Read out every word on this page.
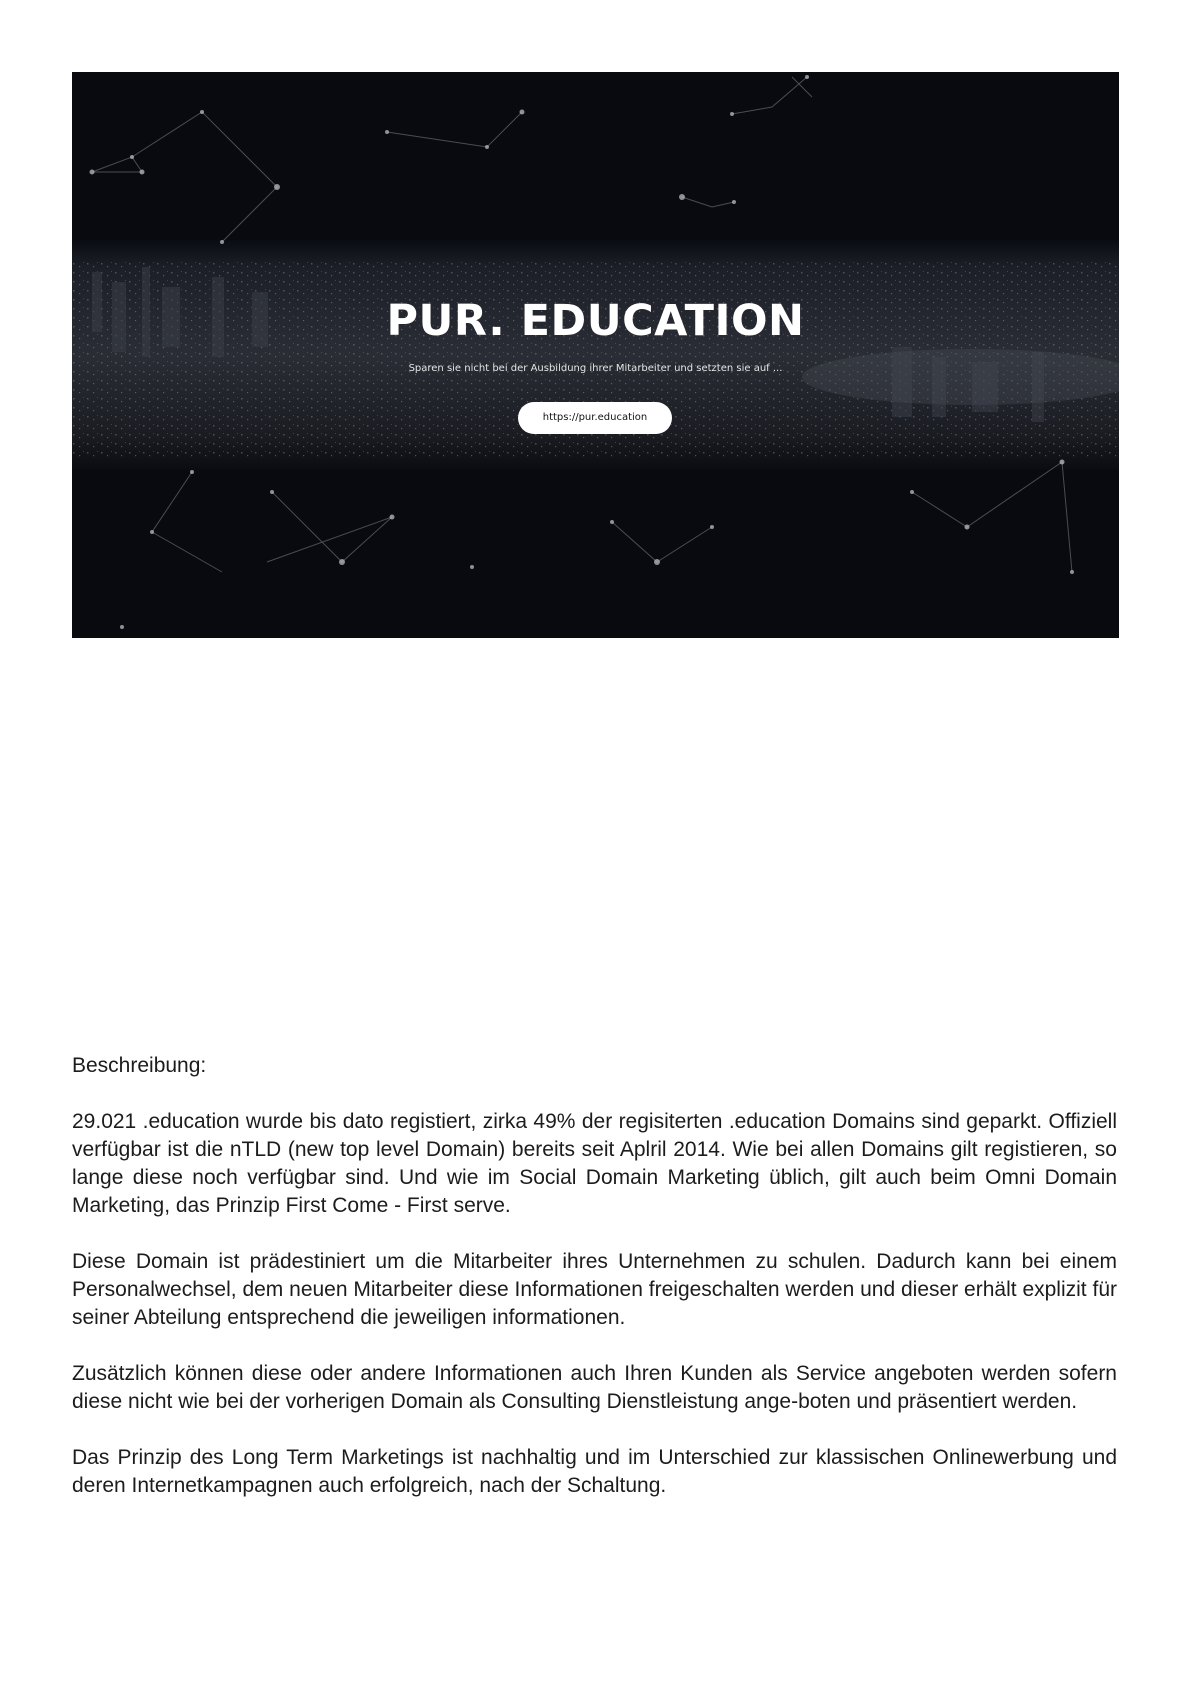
PUR. EDUCATION
Sparen sie nicht bei der Ausbildung ihrer Mitarbeiter und setzten sie auf ...
https://pur.education

Beschreibung:

29.021 .education wurde bis dato registiert, zirka 49% der regisiterten .education Domains sind geparkt. Offiziell verfügbar ist die nTLD (new top level Domain) bereits seit Aplril 2014. Wie bei allen Domains gilt registieren, so lange diese noch verfügbar sind. Und wie im Social Domain Marketing üblich, gilt auch beim Omni Domain Marketing, das Prinzip First Come - First serve.

Diese Domain ist prädestiniert um die Mitarbeiter ihres Unternehmen zu schulen. Dadurch kann bei einem Personalwechsel, dem neuen Mitarbeiter diese Informationen freigeschalten werden und dieser erhält explizit für seiner Abteilung entsprechend die jeweiligen informationen.

Zusätzlich können diese oder andere Informationen auch Ihren Kunden als Service angeboten werden sofern diese nicht wie bei der vorherigen Domain als Consulting Dienstleistung ange-boten und präsentiert werden.

Das Prinzip des Long Term Marketings ist nachhaltig und im Unterschied zur klassischen Onlinewerbung und deren Internetkampagnen auch erfolgreich, nach der Schaltung.
